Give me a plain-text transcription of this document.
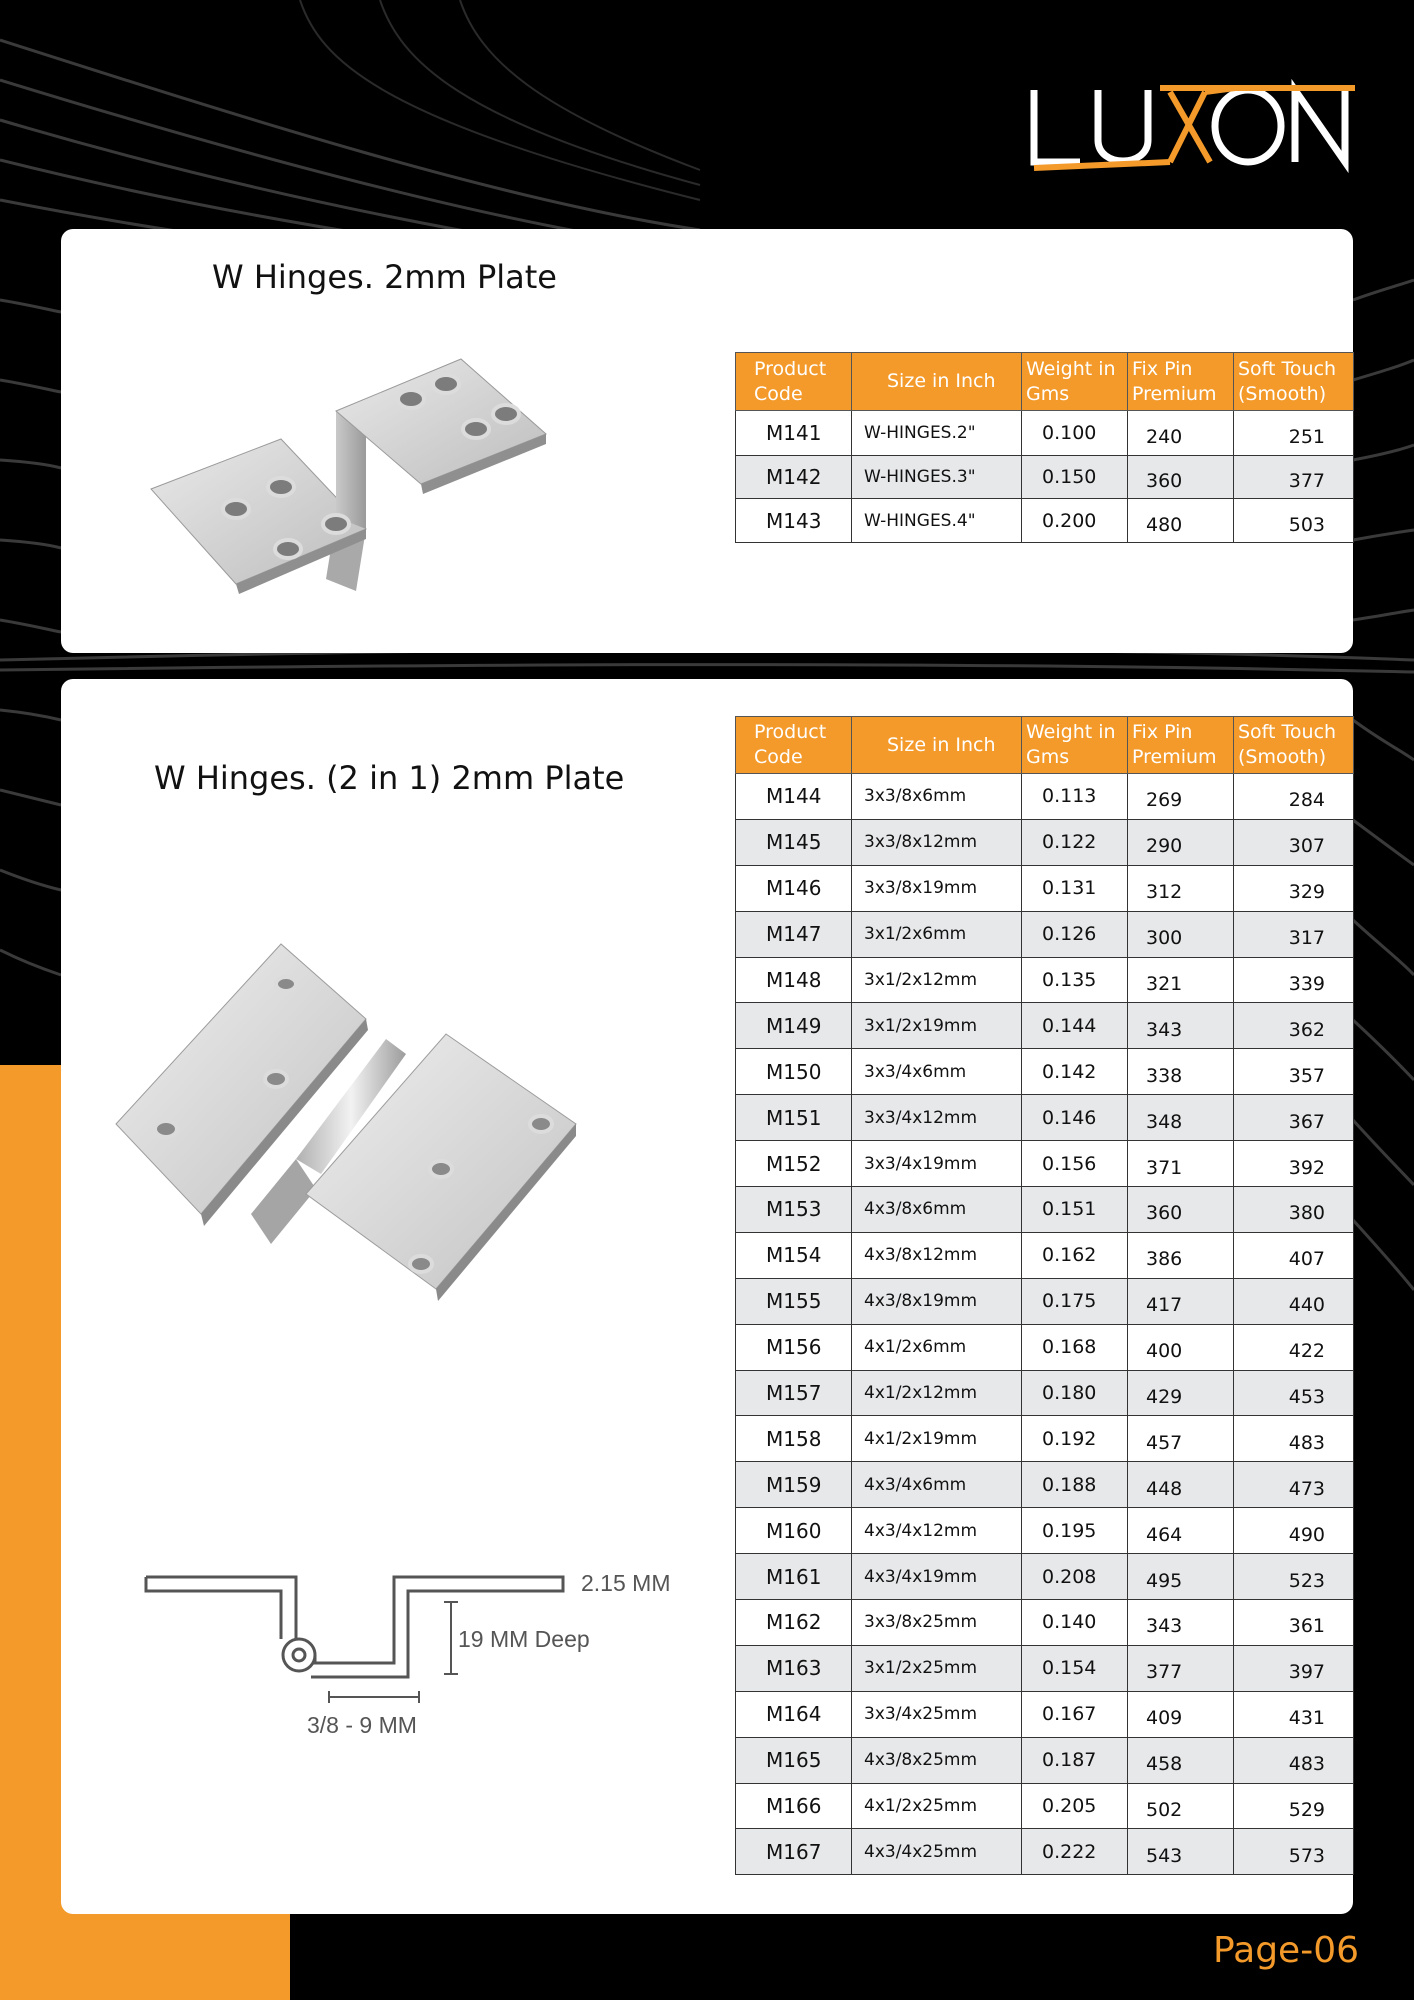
W Hinges. 2mm Plate
Product Code	Size in Inch	Weight in Gms	Fix Pin Premium	Soft Touch (Smooth)
M141	W-HINGES.2"	0.100	240	251
M142	W-HINGES.3"	0.150	360	377
M143	W-HINGES.4"	0.200	480	503
W Hinges. (2 in 1) 2mm Plate
2.15 MM
19 MM Deep
3/8 - 9 MM
Product Code	Size in Inch	Weight in Gms	Fix Pin Premium	Soft Touch (Smooth)
M144	3x3/8x6mm	0.113	269	284
M145	3x3/8x12mm	0.122	290	307
M146	3x3/8x19mm	0.131	312	329
M147	3x1/2x6mm	0.126	300	317
M148	3x1/2x12mm	0.135	321	339
M149	3x1/2x19mm	0.144	343	362
M150	3x3/4x6mm	0.142	338	357
M151	3x3/4x12mm	0.146	348	367
M152	3x3/4x19mm	0.156	371	392
M153	4x3/8x6mm	0.151	360	380
M154	4x3/8x12mm	0.162	386	407
M155	4x3/8x19mm	0.175	417	440
M156	4x1/2x6mm	0.168	400	422
M157	4x1/2x12mm	0.180	429	453
M158	4x1/2x19mm	0.192	457	483
M159	4x3/4x6mm	0.188	448	473
M160	4x3/4x12mm	0.195	464	490
M161	4x3/4x19mm	0.208	495	523
M162	3x3/8x25mm	0.140	343	361
M163	3x1/2x25mm	0.154	377	397
M164	3x3/4x25mm	0.167	409	431
M165	4x3/8x25mm	0.187	458	483
M166	4x1/2x25mm	0.205	502	529
M167	4x3/4x25mm	0.222	543	573
Page-06
